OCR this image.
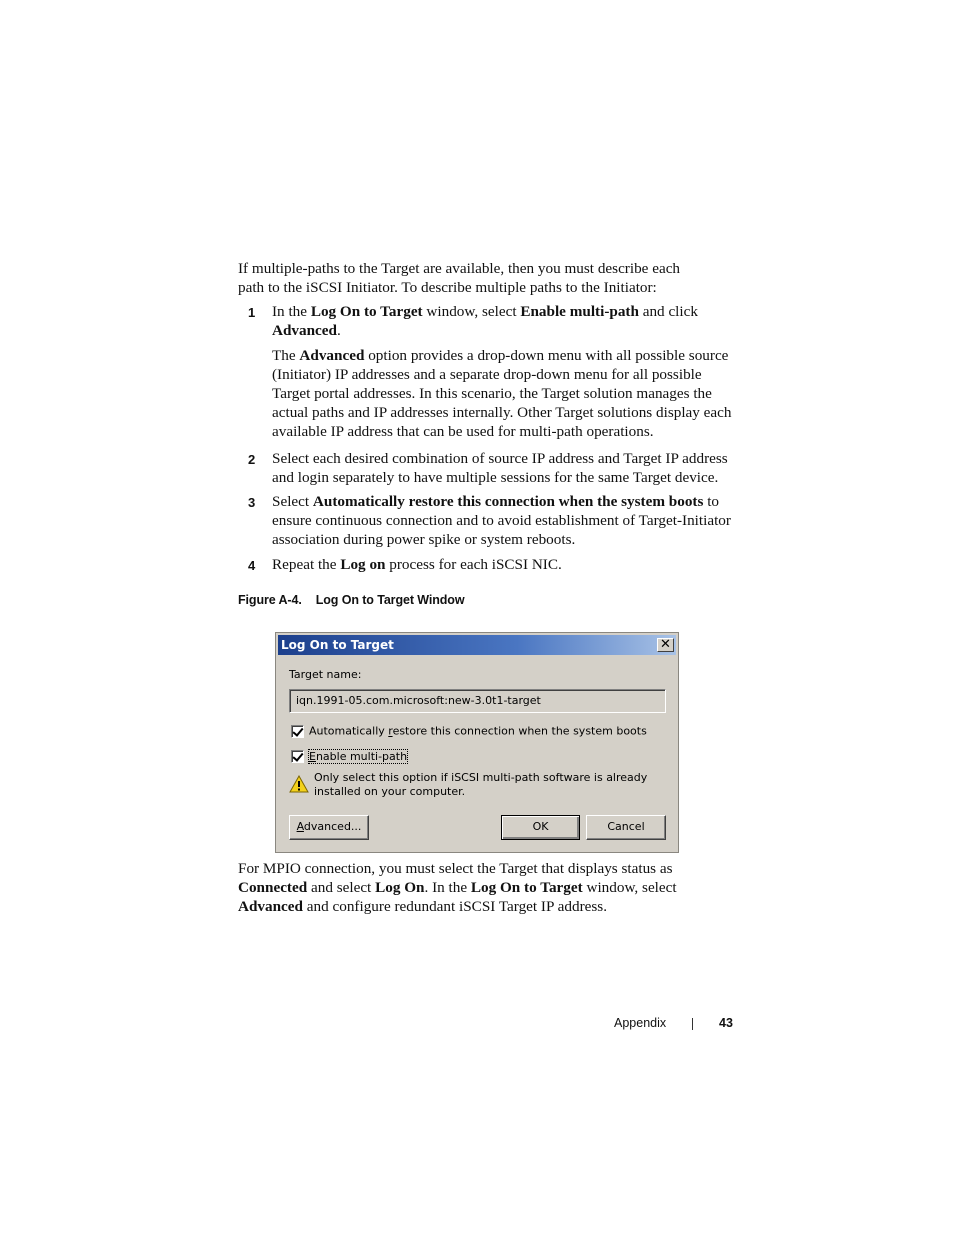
If multiple-paths to the Target are available, then you must describe each

path to the iSCSI Initiator. To describe multiple paths to the Initiator:

1 In the Log On to Target window, select Enable multi-path and click
Advanced.
The Advanced option provides a drop-down menu with all possible source (Initiator) IP addresses and a separate drop-down menu for all possible Target portal addresses. In this scenario, the Target solution manages the actual paths and IP addresses internally. Other Target solutions display each available IP address that can be used for multi-path operations.
2 Select each desired combination of source IP address and Target IP address and login separately to have multiple sessions for the same Target device.
3 Select Automatically restore this connection when the system boots to ensure continuous connection and to avoid establishment of Target-Initiator association during power spike or system reboots.
4 Repeat the Log on process for each iSCSI NIC.
Figure A-4. Log On to Target Window
Log On to Target	✕
Target name:
iqn.1991-05.com.microsoft:new-3.0t1-target
Automatically restore this connection when the system boots
Enable multi-path
Only select this option if iSCSI multi-path software is already installed on your computer.
Advanced...	OK	Cancel
For MPIO connection, you must select the Target that displays status as Connected and select Log On. In the Log On to Target window, select Advanced and configure redundant iSCSI Target IP address.
Appendix	43
